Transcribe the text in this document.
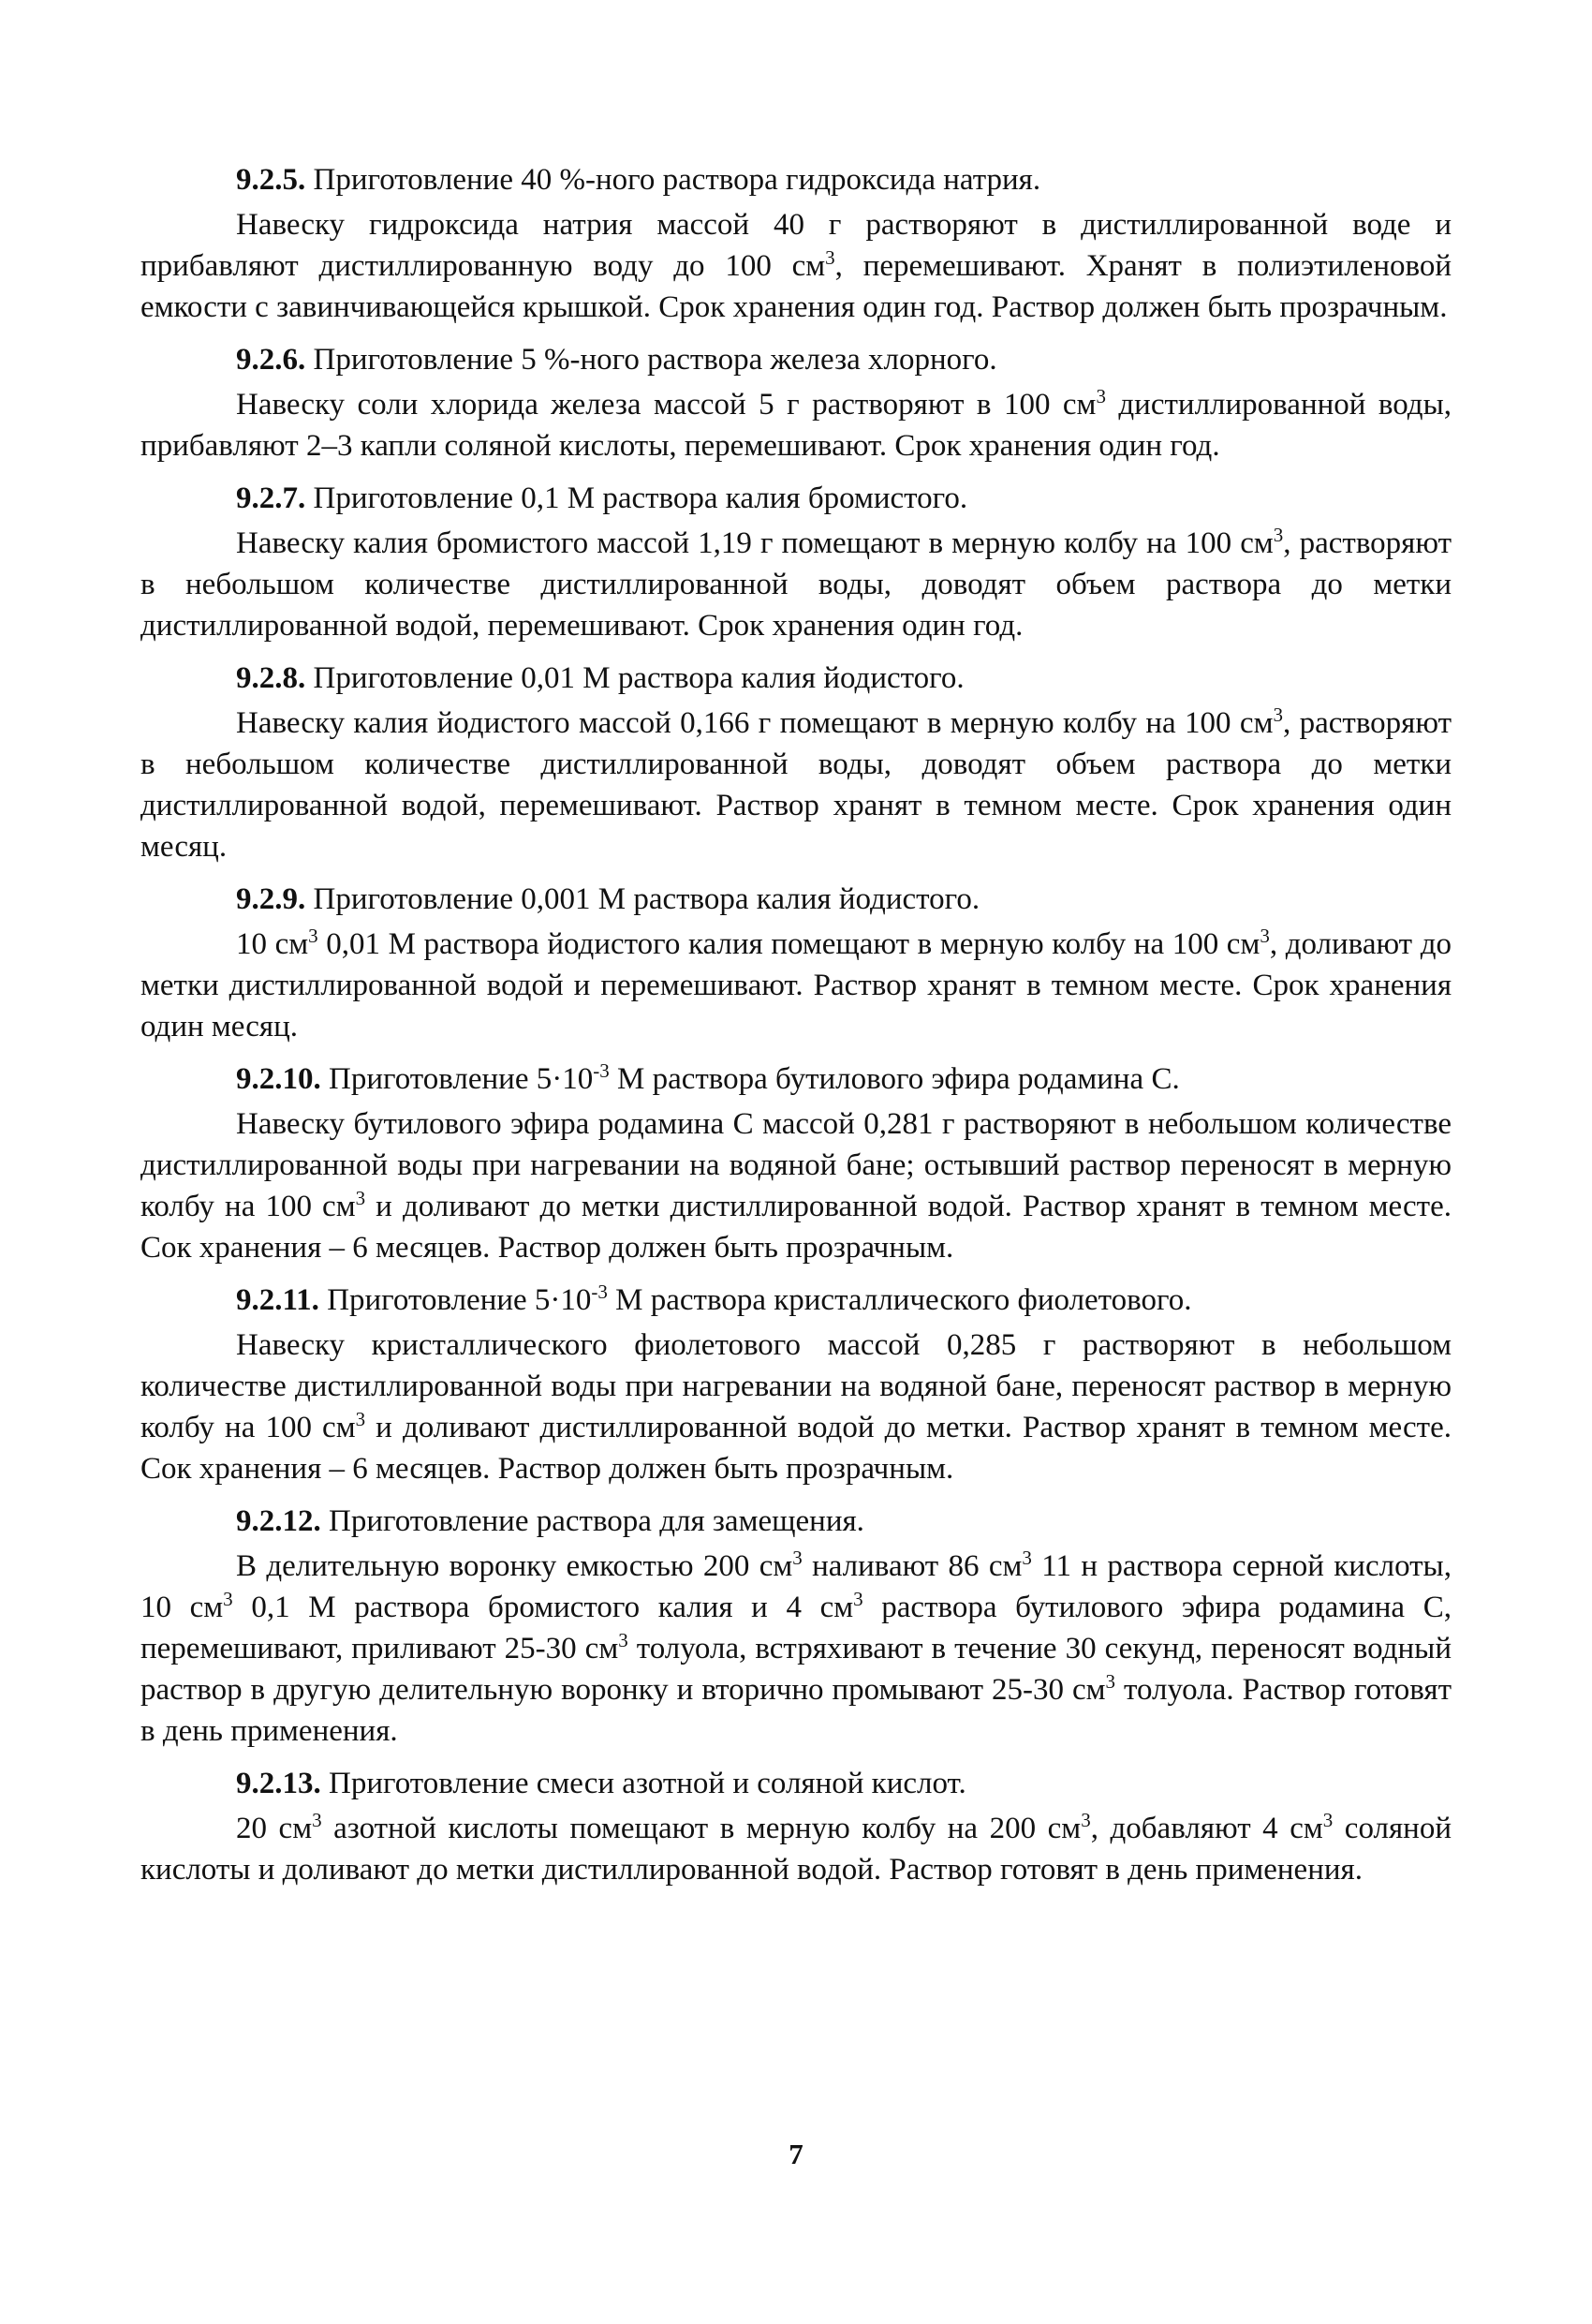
9.2.5. Приготовление 40 %-ного раствора гидроксида натрия.

Навеску гидроксида натрия массой 40 г растворяют в дистиллированной воде и прибавляют дистиллированную воду до 100 $см^3$, перемешивают. Хранят в полиэтиленовой емкости с завинчивающейся крышкой. Срок хранения один год. Раствор должен быть прозрачным.

9.2.6. Приготовление 5 %-ного раствора железа хлорного.

Навеску соли хлорида железа массой 5 г растворяют в 100 $см^3$ дистиллированной воды, прибавляют 2–3 капли соляной кислоты, перемешивают. Срок хранения один год.

9.2.7. Приготовление 0,1 М раствора калия бромистого.

Навеску калия бромистого массой 1,19 г помещают в мерную колбу на 100 $см^3$, растворяют в небольшом количестве дистиллированной воды, доводят объем раствора до метки дистиллированной водой, перемешивают. Срок хранения один год.

9.2.8. Приготовление 0,01 М раствора калия йодистого.

Навеску калия йодистого массой 0,166 г помещают в мерную колбу на 100 $см^3$, растворяют в небольшом количестве дистиллированной воды, доводят объем раствора до метки дистиллированной водой, перемешивают. Раствор хранят в темном месте. Срок хранения один месяц.

9.2.9. Приготовление 0,001 М раствора калия йодистого.

10 $см^3$ 0,01 М раствора йодистого калия помещают в мерную колбу на 100 $см^3$, доливают до метки дистиллированной водой и перемешивают. Раствор хранят в темном месте. Срок хранения один месяц.

9.2.10. Приготовление $5\cdot 10^{-3}$ М раствора бутилового эфира родамина С.

Навеску бутилового эфира родамина С массой 0,281 г растворяют в небольшом количестве дистиллированной воды при нагревании на водяной бане; остывший раствор переносят в мерную колбу на 100 $см^3$ и доливают до метки дистиллированной водой. Раствор хранят в темном месте. Сок хранения – 6 месяцев. Раствор должен быть прозрачным.

9.2.11. Приготовление $5\cdot 10^{-3}$ М раствора кристаллического фиолетового.

Навеску кристаллического фиолетового массой 0,285 г растворяют в небольшом количестве дистиллированной воды при нагревании на водяной бане, переносят раствор в мерную колбу на 100 $см^3$ и доливают дистиллированной водой до метки. Раствор хранят в темном месте. Сок хранения – 6 месяцев. Раствор должен быть прозрачным.

9.2.12. Приготовление раствора для замещения.

В делительную воронку емкостью 200 $см^3$ наливают 86 $см^3$ 11 н раствора серной кислоты, 10 $см^3$ 0,1 М раствора бромистого калия и 4 $см^3$ раствора бутилового эфира родамина С, перемешивают, приливают 25-30 $см^3$ толуола, встряхивают в течение 30 секунд, переносят водный раствор в другую делительную воронку и вторично промывают 25-30 $см^3$ толуола. Раствор готовят в день применения.

9.2.13. Приготовление смеси азотной и соляной кислот.

20 $см^3$ азотной кислоты помещают в мерную колбу на 200 $см^3$, добавляют 4 $см^3$ соляной кислоты и доливают до метки дистиллированной водой. Раствор готовят в день применения.

7
